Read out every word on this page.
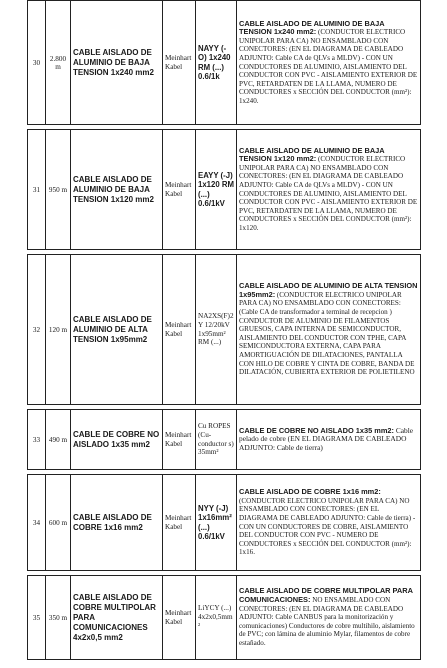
30	2.800 m	CABLE AISLADO DE ALUMINIO DE BAJA TENSION 1x240 mm2	Meinhart Kabel	NAYY (-O) 1x240 RM (...) 0.6/1k	CABLE AISLADO DE ALUMINIO DE BAJA TENSION 1x240 mm2: (CONDUCTOR ELECTRICO UNIPOLAR PARA CA) NO ENSAMBLADO CON CONECTORES: (EN EL DIAGRAMA DE CABLEADO ADJUNTO: Cable CA de QLVs a MLDV) - CON UN CONDUCTORES DE ALUMINIO, AISLAMIENTO DEL CONDUCTOR CON PVC - AISLAMIENTO EXTERIOR DE PVC, RETARDATEN DE LA LLAMA, NUMERO DE CONDUCTORES x SECCIÓN DEL CONDUCTOR (mm²): 1x240.

31	950 m	CABLE AISLADO DE ALUMINIO DE BAJA TENSION 1x120 mm2	Meinhart Kabel	EAYY (-J) 1x120 RM (...) 0.6/1kV	CABLE AISLADO DE ALUMINIO DE BAJA TENSION 1x120 mm2: (CONDUCTOR ELECTRICO UNIPOLAR PARA CA) NO ENSAMBLADO CON CONECTORES: (EN EL DIAGRAMA DE CABLEADO ADJUNTO: Cable CA de QLVs a MLDV) - CON UN CONDUCTORES DE ALUMINIO, AISLAMIENTO DEL CONDUCTOR CON PVC - AISLAMIENTO EXTERIOR DE PVC, RETARDATEN DE LA LLAMA, NUMERO DE CONDUCTORES x SECCIÓN DEL CONDUCTOR (mm²): 1x120.

32	120 m	CABLE AISLADO DE ALUMINIO DE ALTA TENSION 1x95mm2	Meinhart Kabel	NA2XS(F)2Y 12/20kV 1x95mm² RM (...)	CABLE AISLADO DE ALUMINIO DE ALTA TENSION 1x95mm2: (CONDUCTOR ELECTRICO UNIPOLAR PARA CA) NO ENSAMBLADO CON CONECTORES: (Cable CA de transformador a terminal de recepcion ) CONDUCTOR DE ALUMINIO DE FILAMENTOS GRUESOS, CAPA INTERNA DE SEMICONDUCTOR, AISLAMIENTO DEL CONDUCTOR CON TPHE, CAPA SEMICONDUCTORA EXTERNA, CAPA PARA AMORTIGUACIÓN DE DILATACIONES, PANTALLA CON HILO DE COBRE Y CINTA DE COBRE, BANDA DE DILATACIÓN, CUBIERTA EXTERIOR DE POLIETILENO

33	490 m	CABLE DE COBRE NO AISLADO 1x35 mm2	Meinhart Kabel	Cu ROPES (Cu-conductor s) 35mm²	CABLE DE COBRE NO AISLADO 1x35 mm2: Cable pelado de cobre (EN EL DIAGRAMA DE CABLEADO ADJUNTO: Cable de tierra)

34	600 m	CABLE AISLADO DE COBRE 1x16 mm2	Meinhart Kabel	NYY (-J) 1x16mm² (...) 0.6/1kV	CABLE AISLADO DE COBRE 1x16 mm2: (CONDUCTOR ELECTRICO UNIPOLAR PARA CA) NO ENSAMBLADO CON CONECTORES: (EN EL DIAGRAMA DE CABLEADO ADJUNTO: Cable de tierra) - CON UN CONDUCTORES DE COBRE, AISLAMIENTO DEL CONDUCTOR CON PVC - NUMERO DE CONDUCTORES x SECCIÓN DEL CONDUCTOR (mm²): 1x16.

35	350 m	CABLE AISLADO DE COBRE MULTIPOLAR PARA COMUNICACIONES 4x2x0,5 mm2	Meinhart Kabel	LiYCY (...) 4x2x0,5mm²	CABLE AISLADO DE COBRE MULTIPOLAR PARA COMUNICACIONES: NO ENSAMBLADO CON CONECTORES: (EN EL DIAGRAMA DE CABLEADO ADJUNTO: Cable CANBUS para la monitorización y comunicaciones) Conductores de cobre multihilo, aislamiento de PVC; con lámina de aluminio Mylar, filamentos de cobre estañado.
